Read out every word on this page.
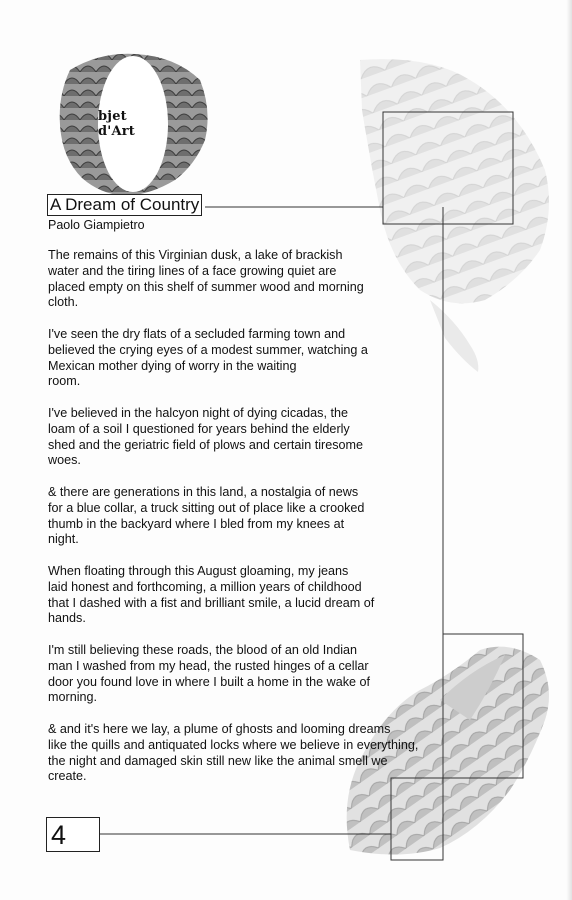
bjet d'Art
A Dream of Country
Paolo Giampietro
The remains of this Virginian dusk, a lake of brackish
water and the tiring lines of a face growing quiet are
placed empty on this shelf of summer wood and morning
cloth.
I've seen the dry flats of a secluded farming town and
believed the crying eyes of a modest summer, watching a
Mexican mother dying of worry in the waiting
room.
I've believed in the halcyon night of dying cicadas, the
loam of a soil I questioned for years behind the elderly
shed and the geriatric field of plows and certain tiresome
woes.
& there are generations in this land, a nostalgia of news
for a blue collar, a truck sitting out of place like a crooked
thumb in the backyard where I bled from my knees at
night.
When floating through this August gloaming, my jeans
laid honest and forthcoming, a million years of childhood
that I dashed with a fist and brilliant smile, a lucid dream of
hands.
I'm still believing these roads, the blood of an old Indian
man I washed from my head, the rusted hinges of a cellar
door you found love in where I built a home in the wake of
morning.
& and it's here we lay, a plume of ghosts and looming dreams
like the quills and antiquated locks where we believe in everything,
the night and damaged skin still new like the animal smell we
create.
4
